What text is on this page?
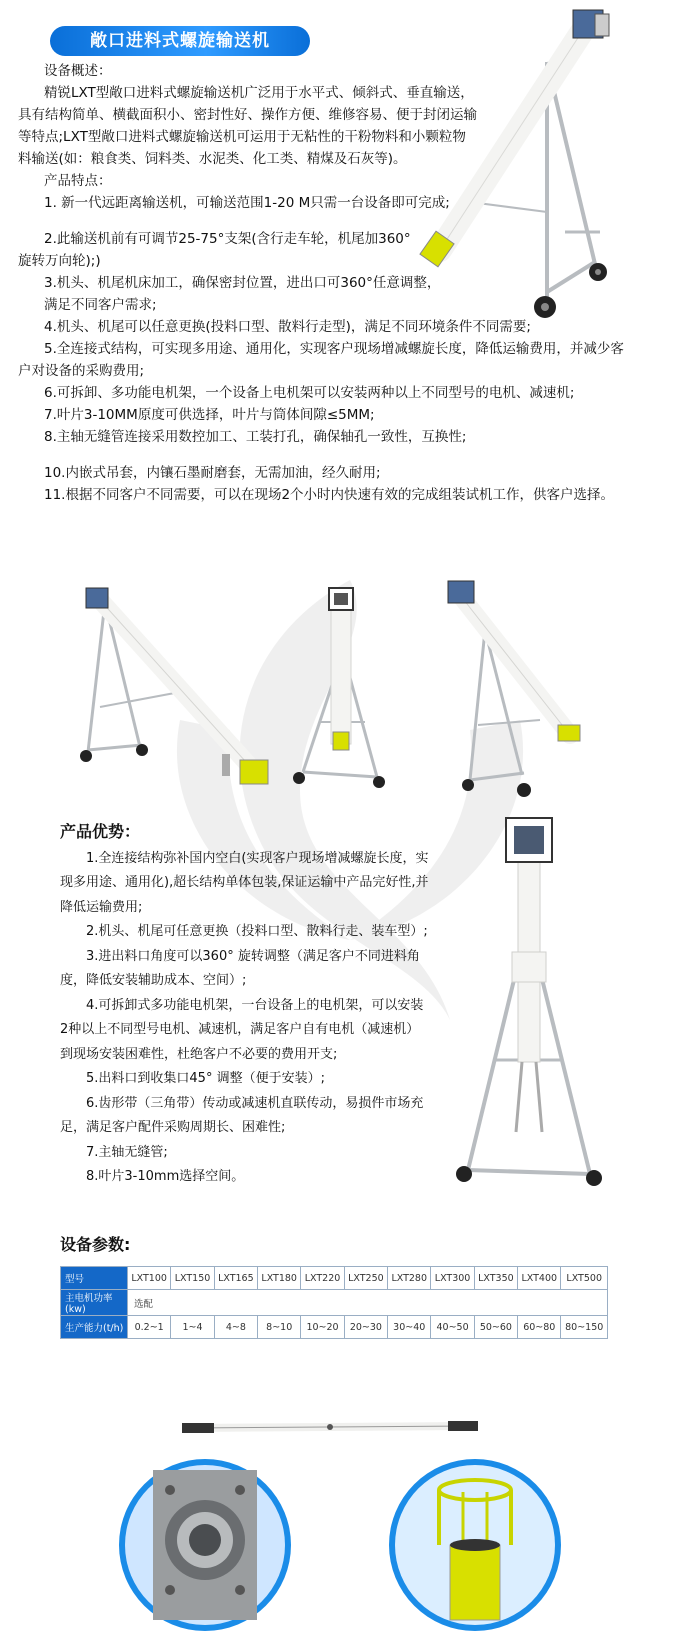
敞口进料式螺旋输送机

设备概述：

精锐LXT型敞口进料式螺旋输送机广泛用于水平式、倾斜式、垂直输送，具有结构简单、横截面积小、密封性好、操作方便、维修容易、便于封闭运输等特点;LXT型敞口进料式螺旋输送机可运用于无粘性的干粉物料和小颗粒物料输送(如：粮食类、饲料类、水泥类、化工类、精煤及石灰等)。

产品特点：

1. 新一代远距离输送机，可输送范围1-20 M只需一台设备即可完成;

2.此输送机前有可调节25-75°支架(含行走车轮，机尾加360°旋转万向轮);)

3.机头、机尾机床加工，确保密封位置，进出口可360°任意调整，满足不同客户需求;

4.机头、机尾可以任意更换(投料口型、散料行走型)，满足不同环境条件不同需要;

5.全连接式结构，可实现多用途、通用化，实现客户现场增减螺旋长度，降低运输费用，并减少客户对设备的采购费用;

6.可拆卸、多功能电机架，一个设备上电机架可以安装两种以上不同型号的电机、减速机;

7.叶片3-10MM原度可供选择，叶片与筒体间隙≤5MM;

8.主轴无缝管连接采用数控加工、工装打孔，确保轴孔一致性，互换性;

10.内嵌式吊套，内镶石墨耐磨套，无需加油，经久耐用;

11.根据不同客户不同需要，可以在现场2个小时内快速有效的完成组装试机工作，供客户选择。

产品优势：

1.全连接结构弥补国内空白(实现客户现场增减螺旋长度，实现多用途、通用化),超长结构单体包装,保证运输中产品完好性,并降低运输费用;

2.机头、机尾可任意更换（投料口型、散料行走、装车型）;

3.进出料口角度可以360° 旋转调整（满足客户不同进料角度，降低安装辅助成本、空间）;

4.可拆卸式多功能电机架，一台设备上的电机架，可以安装2种以上不同型号电机、减速机，满足客户自有电机（减速机）到现场安装困难性，杜绝客户不必要的费用开支;

5.出料口到收集口45° 调整（便于安装）;

6.齿形带（三角带）传动或减速机直联传动，易损件市场充足，满足客户配件采购周期长、困难性;

7.主轴无缝管;

8.叶片3-10mm选择空间。

设备参数:
型号	LXT100	LXT150	LXT165	LXT180	LXT220	LXT250	LXT280	LXT300	LXT350	LXT400	LXT500
主电机功率(kw)	选配										
生产能力(t/h)	0.2~1	1~4	4~8	8~10	10~20	20~30	30~40	40~50	50~60	60~80	80~150
